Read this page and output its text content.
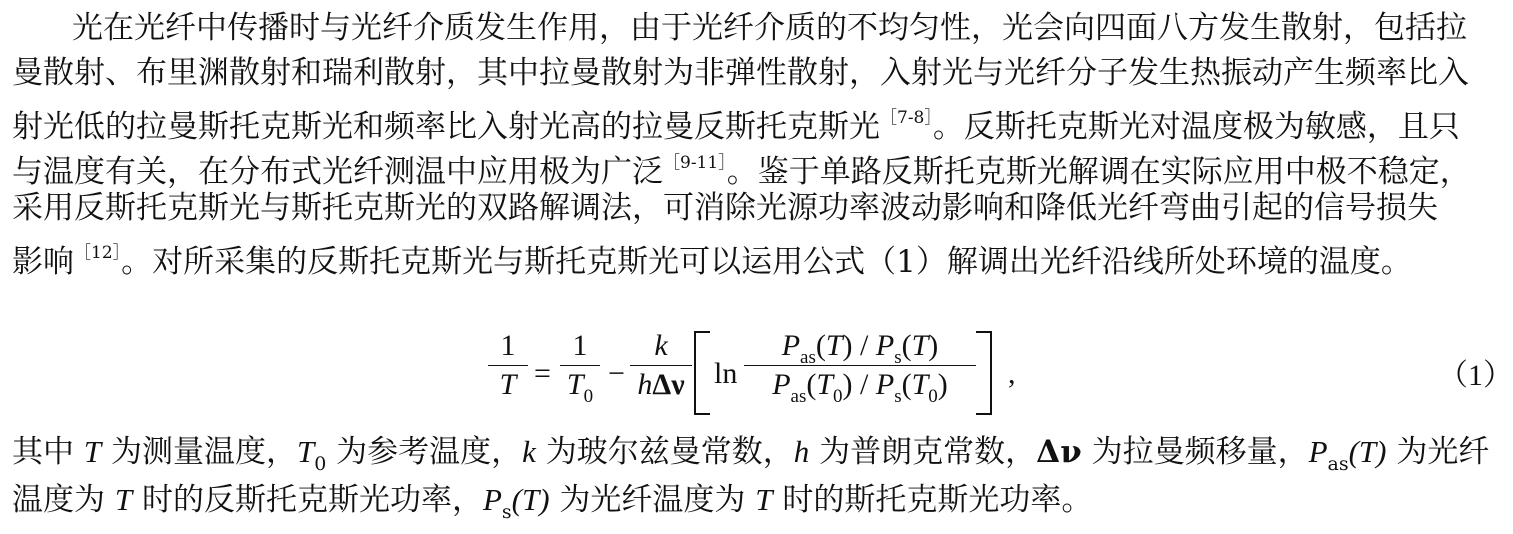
光在光纤中传播时与光纤介质发生作用，由于光纤介质的不均匀性，光会向四面八方发生散射，包括拉
曼散射、布里渊散射和瑞利散射，其中拉曼散射为非弹性散射，入射光与光纤分子发生热振动产生频率比入
射光低的拉曼斯托克斯光和频率比入射光高的拉曼反斯托克斯光$^{[7-8]}$。反斯托克斯光对温度极为敏感，且只
与温度有关，在分布式光纤测温中应用极为广泛$^{[9-11]}$。鉴于单路反斯托克斯光解调在实际应用中极不稳定，
采用反斯托克斯光与斯托克斯光的双路解调法，可消除光源功率波动影响和降低光纤弯曲引起的信号损失
影响$^{[12]}$。对所采集的反斯托克斯光与斯托克斯光可以运用公式（1）解调出光纤沿线所处环境的温度。
1
T =
1
$T_0$
−
k
hΔν ln
$P_{as}(T) / P_s(T)$
$P_{as}(T_0) / P_s(T_0)$	,	（1）
其中 T 为测量温度，$T_0$ 为参考温度，k 为玻尔兹曼常数，h 为普朗克常数，Δν 为拉曼频移量，$P_{as}(T)$ 为光纤
温度为 T 时的反斯托克斯光功率，$P_s(T)$ 为光纤温度为 T 时的斯托克斯光功率。
